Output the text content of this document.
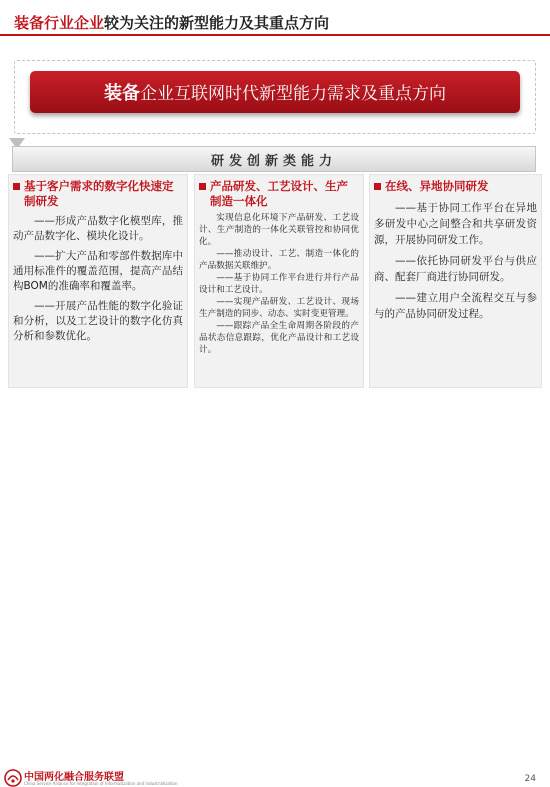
装备行业企业较为关注的新型能力及其重点方向
装备企业互联网时代新型能力需求及重点方向
研发创新类能力
基于客户需求的数字化快速定制研发

——形成产品数字化模型库，推动产品数字化、模块化设计。

——扩大产品和零部件数据库中通用标准件的覆盖范围，提高产品结构BOM的准确率和覆盖率。

——开展产品性能的数字化验证和分析，以及工艺设计的数字化仿真分析和参数优化。

产品研发、工艺设计、生产制造一体化

实现信息化环境下产品研发、工艺设计、生产制造的一体化关联管控和协同优化。

——推动设计、工艺、制造一体化的产品数据关联维护。

——基于协同工作平台进行并行产品设计和工艺设计。

——实现产品研发、工艺设计、现场生产制造的同步、动态、实时变更管理。

——跟踪产品全生命周期各阶段的产品状态信息跟踪，优化产品设计和工艺设计。

在线、异地协同研发

——基于协同工作平台在异地多研发中心之间整合和共享研发资源，开展协同研发工作。

——依托协同研发平台与供应商、配套厂商进行协同研发。

——建立用户全流程交互与参与的产品协同研发过程。

中国两化融合服务联盟
China Service Alliance for Integration of Informatization and Industrialization	24
